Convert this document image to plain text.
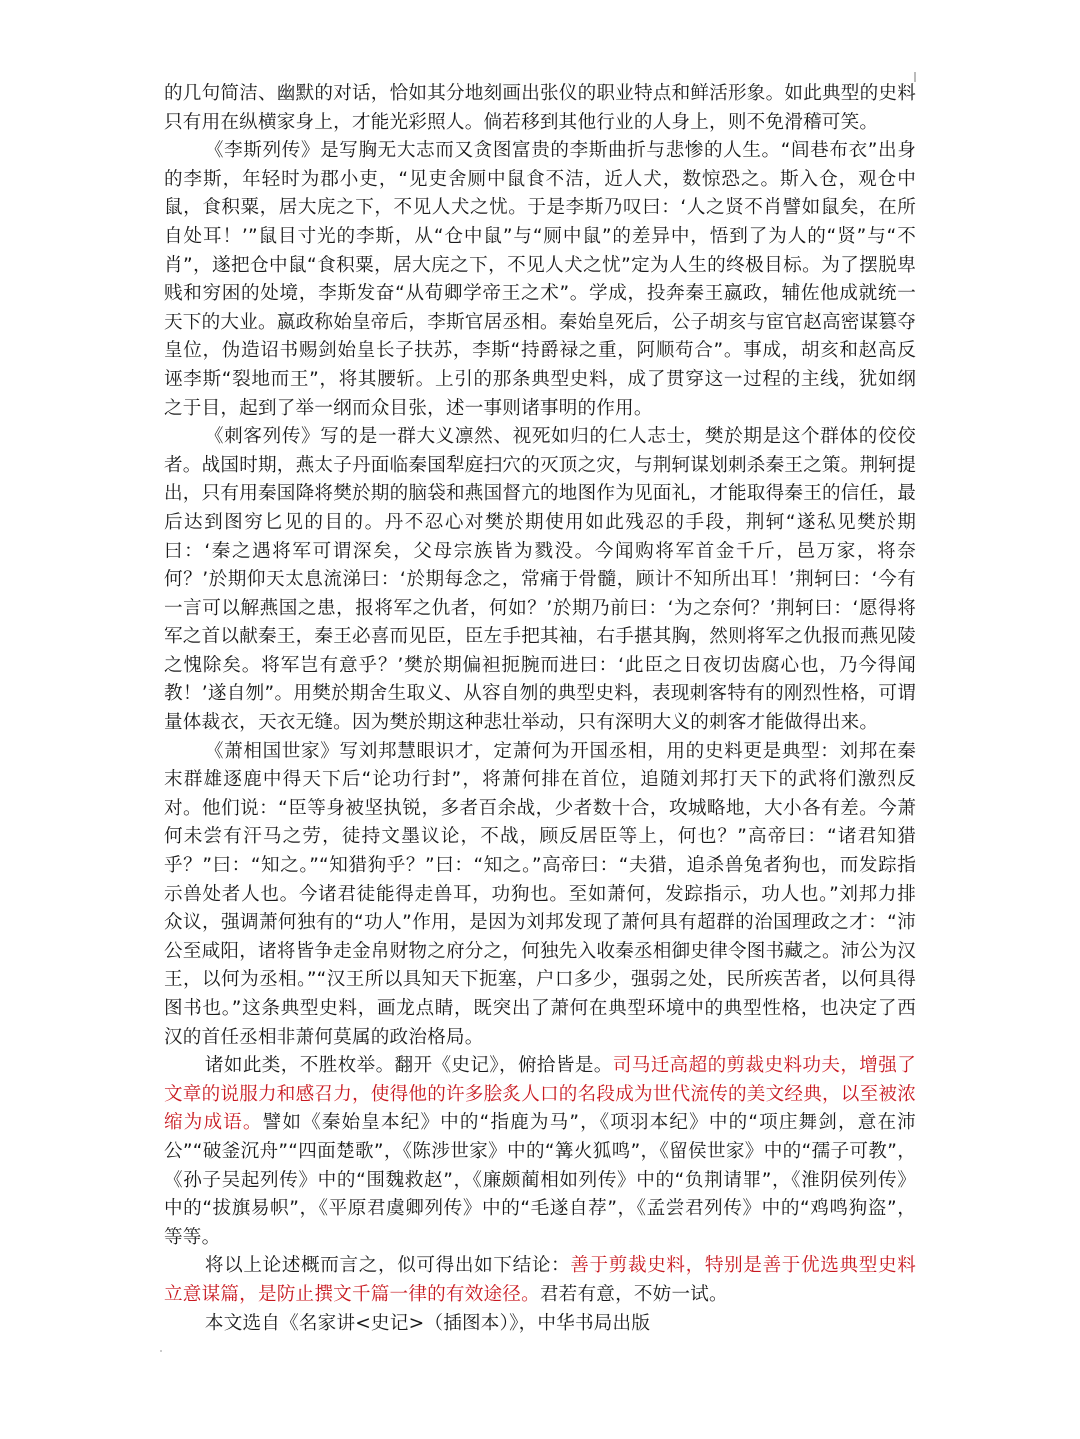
的几句简洁、幽默的对话，恰如其分地刻画出张仪的职业特点和鲜活形象。如此典型的史料只有用在纵横家身上，才能光彩照人。倘若移到其他行业的人身上，则不免滑稽可笑。

《李斯列传》是写胸无大志而又贪图富贵的李斯曲折与悲惨的人生。“闾巷布衣”出身的李斯，年轻时为郡小吏，“见吏舍厕中鼠食不洁，近人犬，数惊恐之。斯入仓，观仓中鼠，食积粟，居大庑之下，不见人犬之忧。于是李斯乃叹曰：‘人之贤不肖譬如鼠矣，在所自处耳！’”鼠目寸光的李斯，从“仓中鼠”与“厕中鼠”的差异中，悟到了为人的“贤”与“不肖”，遂把仓中鼠“食积粟，居大庑之下，不见人犬之忧”定为人生的终极目标。为了摆脱卑贱和穷困的处境，李斯发奋“从荀卿学帝王之术”。学成，投奔秦王嬴政，辅佐他成就统一天下的大业。嬴政称始皇帝后，李斯官居丞相。秦始皇死后，公子胡亥与宦官赵高密谋篡夺皇位，伪造诏书赐剑始皇长子扶苏，李斯“持爵禄之重，阿顺苟合”。事成，胡亥和赵高反诬李斯“裂地而王”，将其腰斩。上引的那条典型史料，成了贯穿这一过程的主线，犹如纲之于目，起到了举一纲而众目张，述一事则诸事明的作用。

《刺客列传》写的是一群大义凛然、视死如归的仁人志士，樊於期是这个群体的佼佼者。战国时期，燕太子丹面临秦国犁庭扫穴的灭顶之灾，与荆轲谋划刺杀秦王之策。荆轲提出，只有用秦国降将樊於期的脑袋和燕国督亢的地图作为见面礼，才能取得秦王的信任，最后达到图穷匕见的目的。丹不忍心对樊於期使用如此残忍的手段，荆轲“遂私见樊於期曰：‘秦之遇将军可谓深矣，父母宗族皆为戮没。今闻购将军首金千斤，邑万家，将奈何？’於期仰天太息流涕曰：‘於期每念之，常痛于骨髓，顾计不知所出耳！’荆轲曰：‘今有一言可以解燕国之患，报将军之仇者，何如？’於期乃前曰：‘为之奈何？’荆轲曰：‘愿得将军之首以献秦王，秦王必喜而见臣，臣左手把其袖，右手揕其胸，然则将军之仇报而燕见陵之愧除矣。将军岂有意乎？’樊於期偏袒扼腕而进曰：‘此臣之日夜切齿腐心也，乃今得闻教！’遂自刎”。用樊於期舍生取义、从容自刎的典型史料，表现刺客特有的刚烈性格，可谓量体裁衣，天衣无缝。因为樊於期这种悲壮举动，只有深明大义的刺客才能做得出来。

《萧相国世家》写刘邦慧眼识才，定萧何为开国丞相，用的史料更是典型：刘邦在秦末群雄逐鹿中得天下后“论功行封”，将萧何排在首位，追随刘邦打天下的武将们激烈反对。他们说：“臣等身被坚执锐，多者百余战，少者数十合，攻城略地，大小各有差。今萧何未尝有汗马之劳，徒持文墨议论，不战，顾反居臣等上，何也？”高帝曰：“诸君知猎乎？”曰：“知之。”“知猎狗乎？”曰：“知之。”高帝曰：“夫猎，追杀兽兔者狗也，而发踪指示兽处者人也。今诸君徒能得走兽耳，功狗也。至如萧何，发踪指示，功人也。”刘邦力排众议，强调萧何独有的“功人”作用，是因为刘邦发现了萧何具有超群的治国理政之才：“沛公至咸阳，诸将皆争走金帛财物之府分之，何独先入收秦丞相御史律令图书藏之。沛公为汉王，以何为丞相。”“汉王所以具知天下扼塞，户口多少，强弱之处，民所疾苦者，以何具得图书也。”这条典型史料，画龙点睛，既突出了萧何在典型环境中的典型性格，也决定了西汉的首任丞相非萧何莫属的政治格局。

诸如此类，不胜枚举。翻开《史记》，俯拾皆是。司马迁高超的剪裁史料功夫，增强了文章的说服力和感召力，使得他的许多脍炙人口的名段成为世代流传的美文经典，以至被浓缩为成语。譬如《秦始皇本纪》中的“指鹿为马”，《项羽本纪》中的“项庄舞剑，意在沛公”“破釜沉舟”“四面楚歌”，《陈涉世家》中的“篝火狐鸣”，《留侯世家》中的“孺子可教”，《孙子吴起列传》中的“围魏救赵”，《廉颇蔺相如列传》中的“负荆请罪”，《淮阴侯列传》中的“拔旗易帜”，《平原君虞卿列传》中的“毛遂自荐”，《孟尝君列传》中的“鸡鸣狗盗”，等等。

将以上论述概而言之，似可得出如下结论：善于剪裁史料，特别是善于优选典型史料立意谋篇，是防止撰文千篇一律的有效途径。君若有意，不妨一试。

本文选自《名家讲<史记>（插图本）》，中华书局出版
